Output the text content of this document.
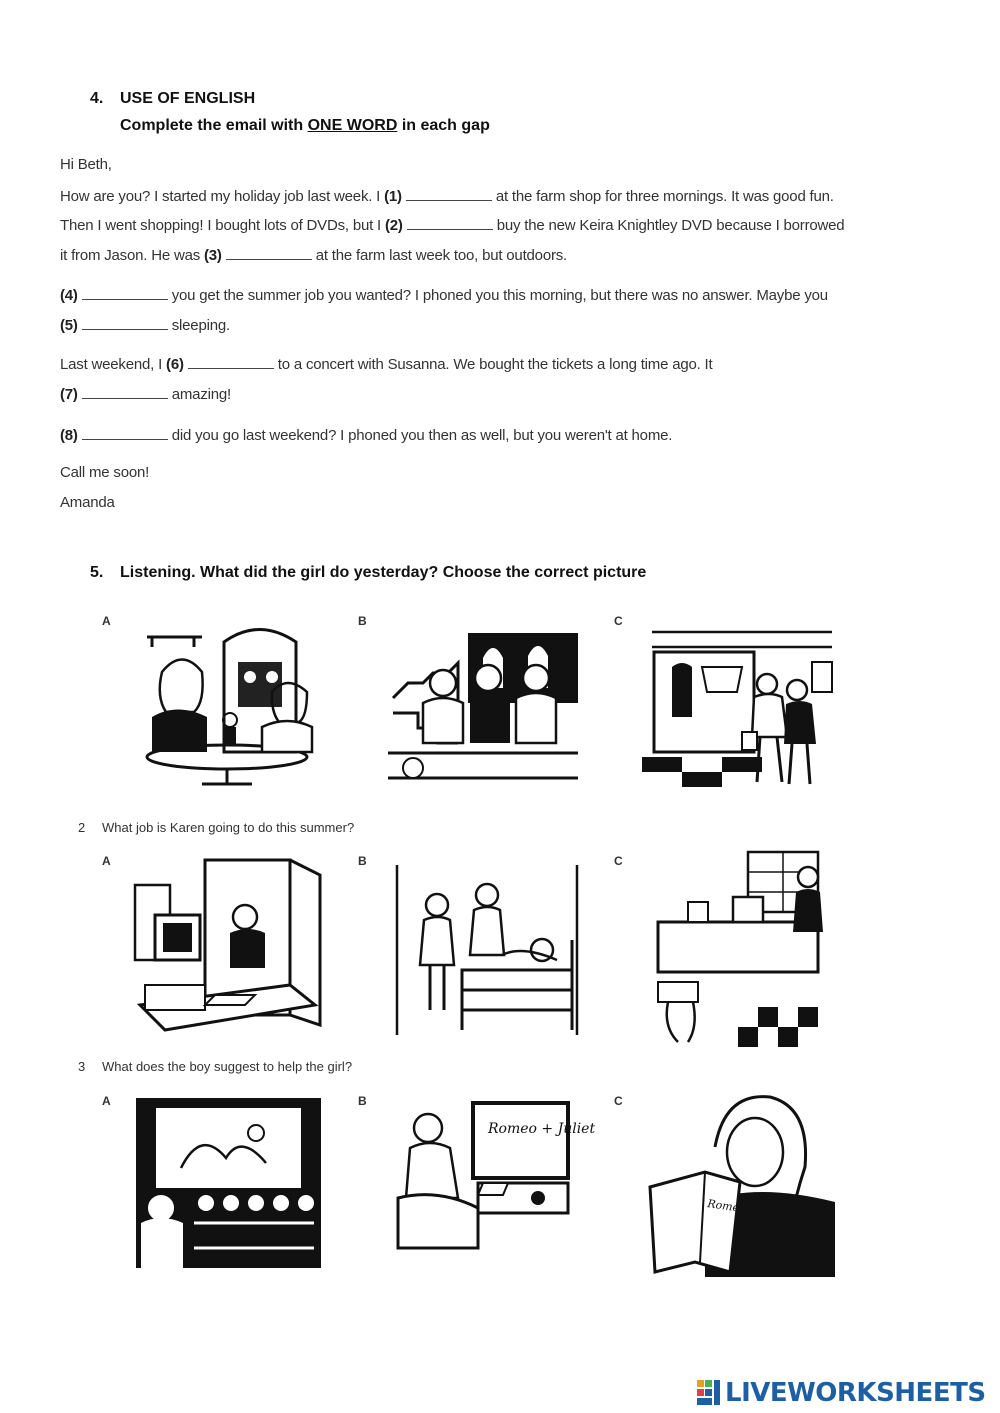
4. USE OF ENGLISH
Complete the email with ONE WORD in each gap
Hi Beth,
How are you? I started my holiday job last week. I (1)	at the farm shop for three mornings. It was good fun.
Then I went shopping! I bought lots of DVDs, but I (2)	buy the new Keira Knightley DVD because I borrowed
it from Jason. He was (3)	at the farm last week too, but outdoors.
(4)	you get the summer job you wanted? I phoned you this morning, but there was no answer. Maybe you
(5)	sleeping.
Last weekend, I (6)	to a concert with Susanna. We bought the tickets a long time ago. It
(7)	amazing!
(8)	did you go last weekend? I phoned you then as well, but you weren't at home.
Call me soon!
Amanda
5. Listening. What did the girl do yesterday? Choose the correct picture
A	B	C
2 What job is Karen going to do this summer?
A	B	C
3 What does the boy suggest to help the girl?
A	B	C
Romeo + Juliet
Romeo + Juliet
LIVEWORKSHEETS
